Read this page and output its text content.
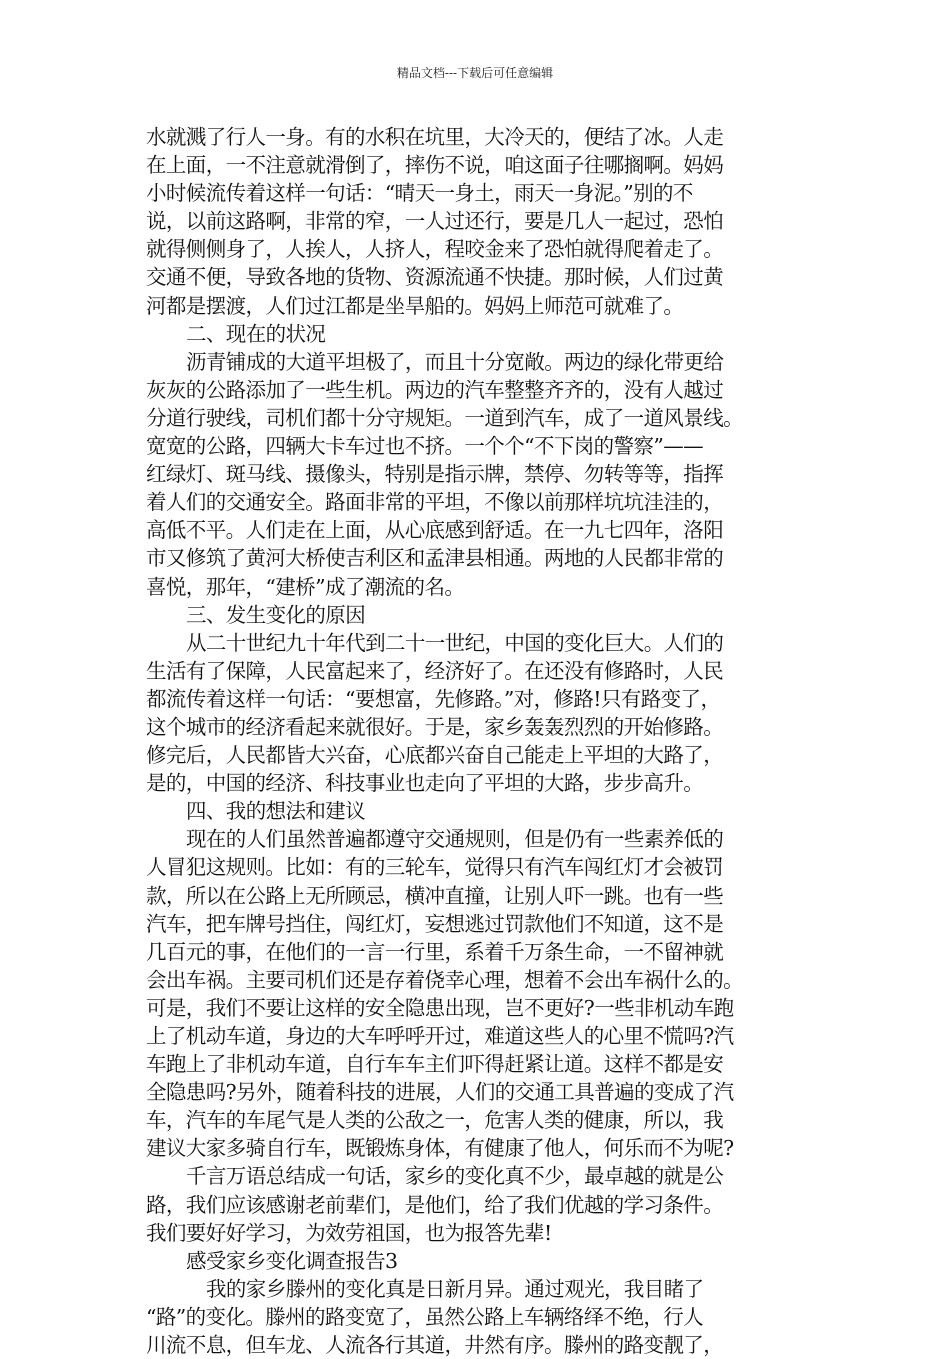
精品文档---下载后可任意编辑
水就溅了行人一身。有的水积在坑里，大冷天的，便结了冰。人走
在上面，一不注意就滑倒了，摔伤不说，咱这面子往哪搁啊。妈妈
小时候流传着这样一句话：“晴天一身土，雨天一身泥。”别的不
说，以前这路啊，非常的窄，一人过还行，要是几人一起过，恐怕
就得侧侧身了，人挨人，人挤人，程咬金来了恐怕就得爬着走了。
交通不便，导致各地的货物、资源流通不快捷。那时候，人们过黄
河都是摆渡，人们过江都是坐旱船的。妈妈上师范可就难了。
二、现在的状况
沥青铺成的大道平坦极了，而且十分宽敞。两边的绿化带更给
灰灰的公路添加了一些生机。两边的汽车整整齐齐的，没有人越过
分道行驶线，司机们都十分守规矩。一道到汽车，成了一道风景线。
宽宽的公路，四辆大卡车过也不挤。一个个“不下岗的警察”——
红绿灯、斑马线、摄像头，特别是指示牌，禁停、勿转等等，指挥
着人们的交通安全。路面非常的平坦，不像以前那样坑坑洼洼的，
高低不平。人们走在上面，从心底感到舒适。在一九七四年，洛阳
市又修筑了黄河大桥使吉利区和孟津县相通。两地的人民都非常的
喜悦，那年，“建桥”成了潮流的名。
三、发生变化的原因
从二十世纪九十年代到二十一世纪，中国的变化巨大。人们的
生活有了保障，人民富起来了，经济好了。在还没有修路时，人民
都流传着这样一句话：“要想富，先修路。”对，修路!只有路变了，
这个城市的经济看起来就很好。于是，家乡轰轰烈烈的开始修路。
修完后，人民都皆大兴奋，心底都兴奋自己能走上平坦的大路了，
是的，中国的经济、科技事业也走向了平坦的大路，步步高升。
四、我的想法和建议
现在的人们虽然普遍都遵守交通规则，但是仍有一些素养低的
人冒犯这规则。比如：有的三轮车，觉得只有汽车闯红灯才会被罚
款，所以在公路上无所顾忌，横冲直撞，让别人吓一跳。也有一些
汽车，把车牌号挡住，闯红灯，妄想逃过罚款他们不知道，这不是
几百元的事，在他们的一言一行里，系着千万条生命，一不留神就
会出车祸。主要司机们还是存着侥幸心理，想着不会出车祸什么的。
可是，我们不要让这样的安全隐患出现，岂不更好?一些非机动车跑
上了机动车道，身边的大车呼呼开过，难道这些人的心里不慌吗?汽
车跑上了非机动车道，自行车车主们吓得赶紧让道。这样不都是安
全隐患吗?另外，随着科技的进展，人们的交通工具普遍的变成了汽
车，汽车的车尾气是人类的公敌之一，危害人类的健康，所以，我
建议大家多骑自行车，既锻炼身体，有健康了他人，何乐而不为呢?
千言万语总结成一句话，家乡的变化真不少，最卓越的就是公
路，我们应该感谢老前辈们，是他们，给了我们优越的学习条件。
我们要好好学习，为效劳祖国，也为报答先辈!
感受家乡变化调查报告3
我的家乡滕州的变化真是日新月异。通过观光，我目睹了
“路”的变化。滕州的路变宽了，虽然公路上车辆络绎不绝，行人
川流不息，但车龙、人流各行其道，井然有序。滕州的路变靓了，
